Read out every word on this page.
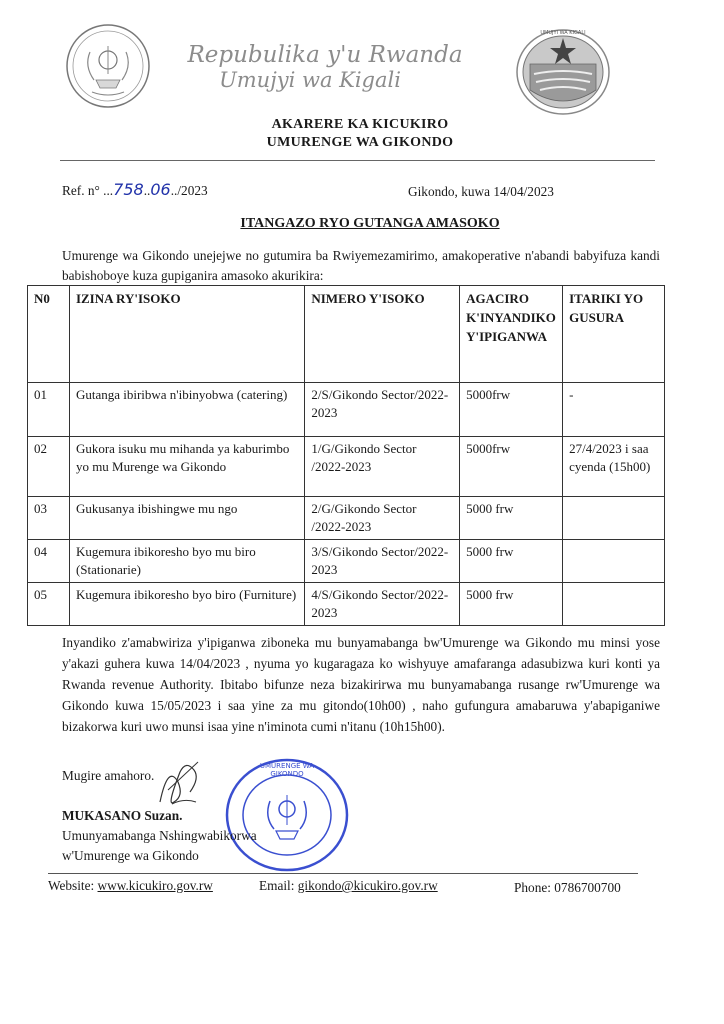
Repubulika y'u Rwanda
Umujyi wa Kigali
UMUJYI WA KIGALI
AKARERE KA KICUKIRO
UMURENGE WA GIKONDO
Ref. n° ...758..06../2023	Gikondo, kuwa 14/04/2023
ITANGAZO RYO GUTANGA AMASOKO
Umurenge wa Gikondo unejejwe no gutumira ba Rwiyemezamirimo, amakoperative n'abandi babyifuza kandi babishoboye kuza gupiganira amasoko akurikira:
N0	IZINA RY'ISOKO	NIMERO Y'ISOKO	AGACIRO K'INYANDIKO Y'IPIGANWA	ITARIKI YO GUSURA
01	Gutanga ibiribwa n'ibinyobwa (catering)	2/S/Gikondo Sector/2022-2023	5000frw	-
02	Gukora isuku mu mihanda ya kaburimbo yo mu Murenge wa Gikondo	1/G/Gikondo Sector /2022-2023	5000frw	27/4/2023 i saa cyenda (15h00)
03	Gukusanya ibishingwe mu ngo	2/G/Gikondo Sector /2022-2023	5000 frw	
04	Kugemura ibikoresho byo mu biro (Stationarie)	3/S/Gikondo Sector/2022-2023	5000 frw	
05	Kugemura ibikoresho byo biro (Furniture)	4/S/Gikondo Sector/2022-2023	5000 frw	
Inyandiko z'amabwiriza y'ipiganwa ziboneka mu bunyamabanga bw'Umurenge wa Gikondo mu minsi yose y'akazi guhera kuwa 14/04/2023 , nyuma yo kugaragaza ko wishyuye amafaranga adasubizwa kuri konti ya Rwanda revenue Authority. Ibitabo bifunze neza bizakirirwa mu bunyamabanga rusange rw'Umurenge wa Gikondo kuwa 15/05/2023 i saa yine za mu gitondo(10h00) , naho gufungura amabaruwa y'abapiganiwe bizakorwa kuri uwo munsi isaa yine n'iminota cumi n'itanu (10h15h00).
Mugire amahoro.
UMURENGE WA GIKONDO
MUKASANO Suzan.
Umunyamabanga Nshingwabikorwa
w'Umurenge wa Gikondo
Website: www.kicukiro.gov.rw	Email: gikondo@kicukiro.gov.rw	Phone: 0786700700
